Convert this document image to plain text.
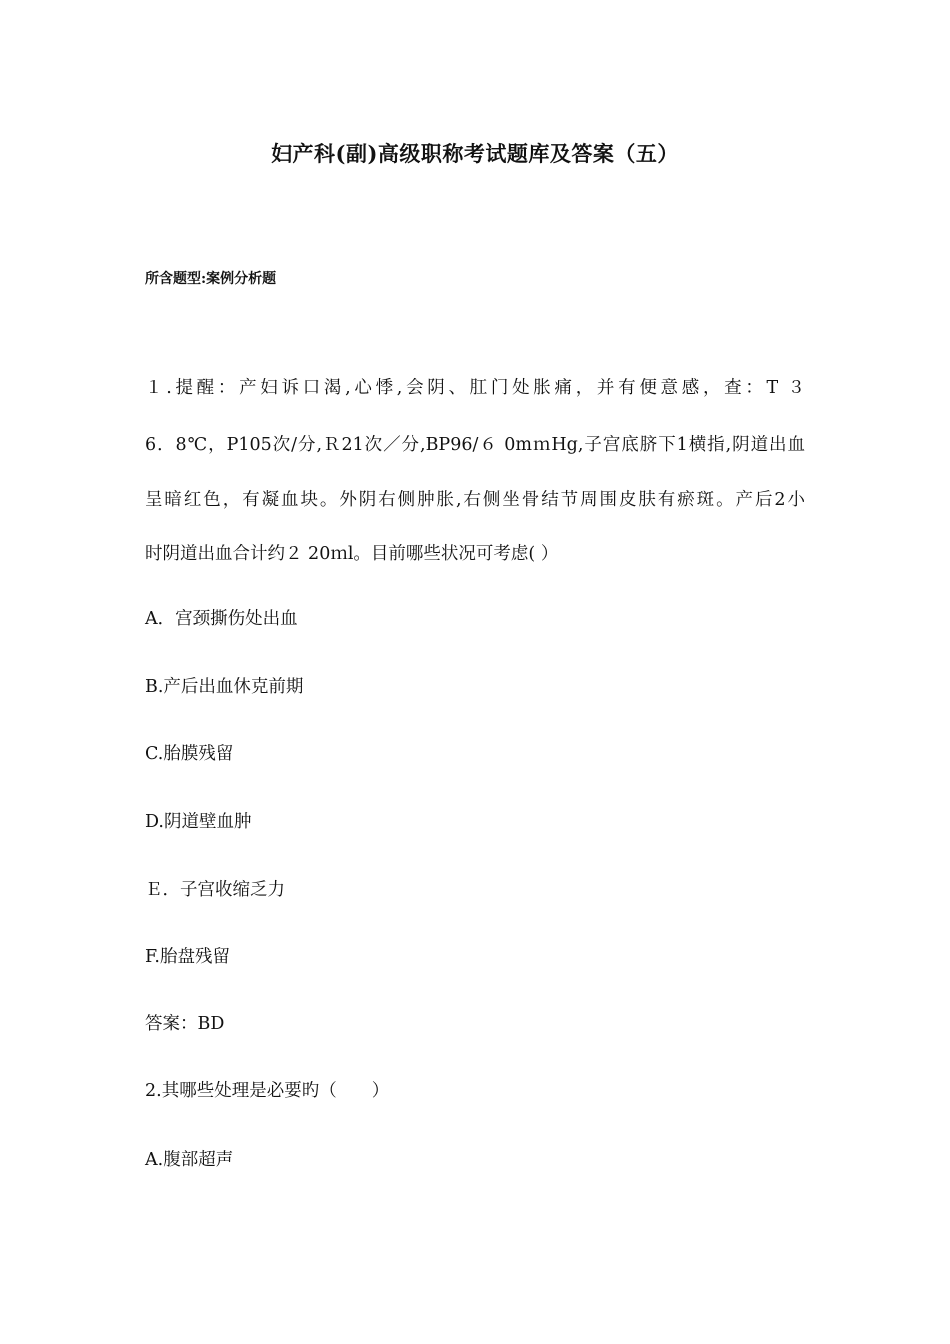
妇产科(副)高级职称考试题库及答案（五）
所含题型:案例分析题
１.提醒：产妇诉口渴,心悸,会阴、肛门处胀痛，并有便意感，查：T ３
6．8℃，P105次/分,Ｒ21次／分,BP96/６ 0mｍHg,子宫底脐下1横指,阴道出血
呈暗红色，有凝血块。外阴右侧肿胀,右侧坐骨结节周围皮肤有瘀斑。产后2小
时阴道出血合计约２ 20ｍl。目前哪些状况可考虑( ）
A．宫颈撕伤处出血
B.产后出血休克前期
C.胎膜残留
D.阴道壁血肿
Ｅ．子宫收缩乏力
F.胎盘残留
答案：BD
2.其哪些处理是必要旳（　　）
A.腹部超声
